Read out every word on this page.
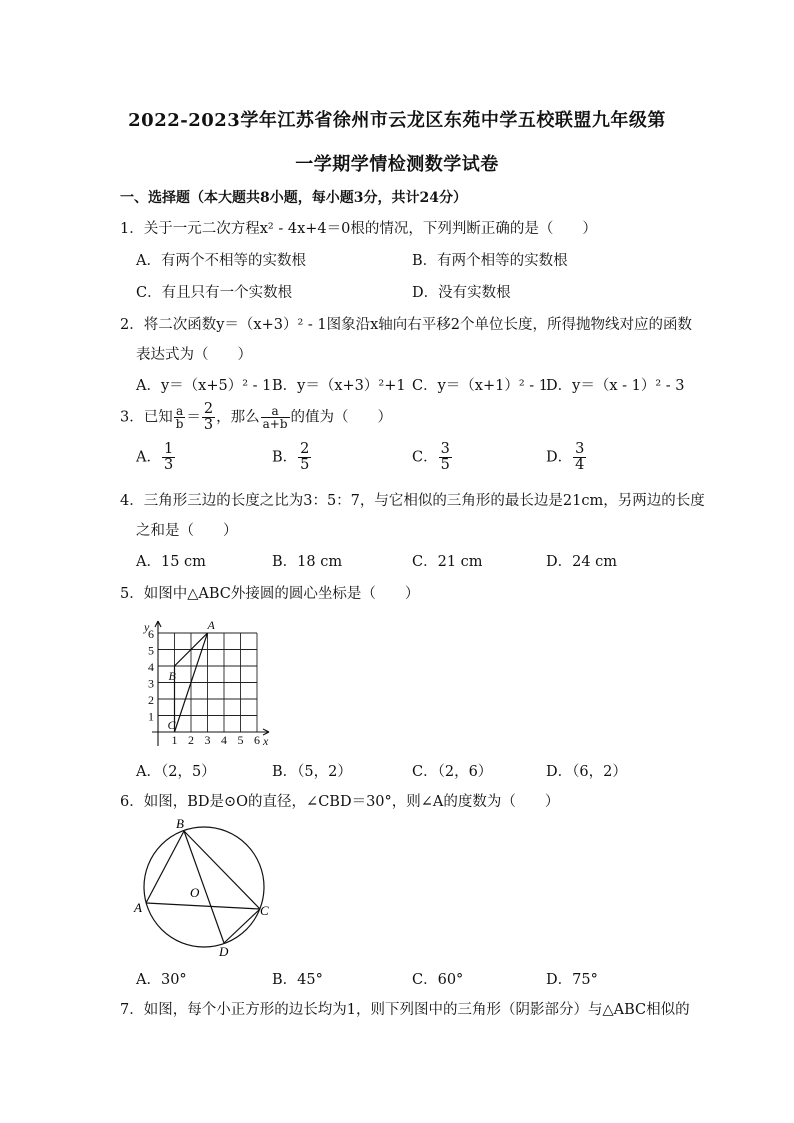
2022-2023学年江苏省徐州市云龙区东苑中学五校联盟九年级第
一学期学情检测数学试卷
一、选择题（本大题共8小题，每小题3分，共计24分）
1．关于一元二次方程x² - 4x+4＝0根的情况，下列判断正确的是（　　）
A．有两个不相等的实数根	B．有两个相等的实数根
C．有且只有一个实数根	D．没有实数根
2．将二次函数y＝（x+3）² - 1图象沿x轴向右平移2个单位长度，所得抛物线对应的函数
表达式为（　　）
A．y＝（x+5）² - 1 B．y＝（x+3）²+1 C．y＝（x+1）² - 1
D．y＝（x - 1）² - 3
3．已知 $\frac{a}{b} = \frac{2}{3}$ ，那么 $\frac{a}{a+b}$ 的值为（　　）
A． $\frac{1}{3}$	B． $\frac{2}{5}$	C． $\frac{3}{5}$	D． $\frac{3}{4}$
4．三角形三边的长度之比为3：5：7，与它相似的三角形的最长边是21cm，另两边的长度
之和是（　　）
A．15 cm	B．18 cm	C．21 cm	D．24 cm
5．如图中△ABC外接圆的圆心坐标是（　　）
1 2 3 4 5 6
1
2
3
4
5
6
y
x
A
B
C
A．（2，5）	B．（5，2）	C．（2，6）	D．（6，2）
6．如图，BD是⊙O的直径，∠CBD＝30°，则∠A的度数为（　　）
B
O
A	C
D
A．30°	B．45°	C．60°	D．75°
7．如图，每个小正方形的边长均为1，则下列图中的三角形（阴影部分）与△ABC相似的
